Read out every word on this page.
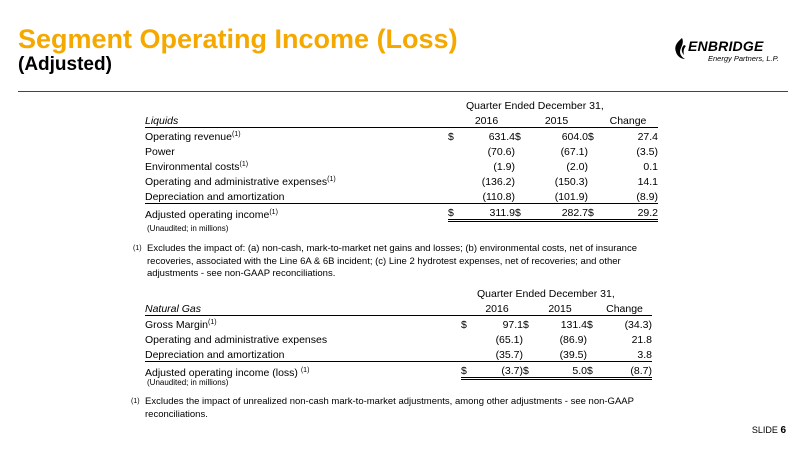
Segment Operating Income (Loss)
(Adjusted)
ENBRIDGE
Energy Partners, L.P.
		Quarter Ended December 31,				
Liquids		2016		2015		Change
Operating revenue$^{(1)}$	$	631.4	$	604.0	$	27.4
Power		(70.6)		(67.1)		(3.5)
Environmental costs$^{(1)}$		(1.9)		(2.0)		0.1
Operating and administrative expenses$^{(1)}$		(136.2)		(150.3)		14.1
Depreciation and amortization		(110.8)		(101.9)		(8.9)
Adjusted operating income$^{(1)}$	$	311.9	$	282.7	$	29.2
(Unaudited; in millions)
(1) Excludes the impact of: (a) non-cash, mark-to-market net gains and losses; (b) environmental costs, net of insurance recoveries, associated with the Line 6A & 6B incident; (c) Line 2 hydrotest expenses, net of recoveries; and other adjustments - see non-GAAP reconciliations.
		Quarter Ended December 31,				
Natural Gas		2016		2015		Change
Gross Margin$^{(1)}$	$	97.1	$	131.4	$	(34.3)
Operating and administrative expenses		(65.1)		(86.9)		21.8
Depreciation and amortization		(35.7)		(39.5)		3.8
Adjusted operating income (loss) $^{(1)}$	$	(3.7)	$	5.0	$	(8.7)
(Unaudited; in millions)
(1) Excludes the impact of unrealized non-cash mark-to-market adjustments, among other adjustments - see non-GAAP reconciliations.
SLIDE 6
